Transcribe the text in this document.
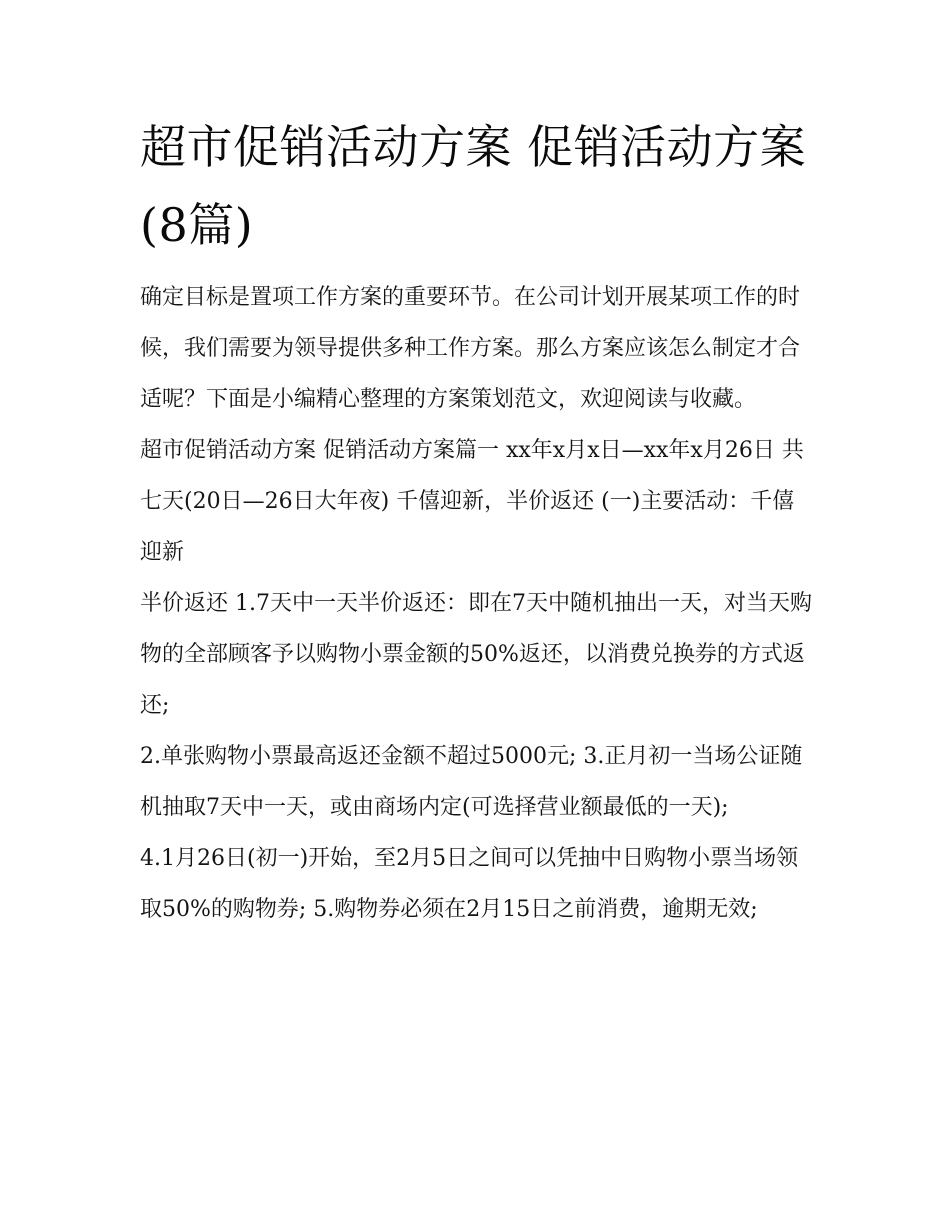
超市促销活动方案 促销活动方案(8篇)

确定目标是置项工作方案的重要环节。在公司计划开展某项工作的时候，我们需要为领导提供多种工作方案。那么方案应该怎么制定才合适呢？下面是小编精心整理的方案策划范文，欢迎阅读与收藏。

超市促销活动方案 促销活动方案篇一 xx年x月x日—xx年x月26日 共七天(20日—26日大年夜) 千僖迎新，半价返还 (一)主要活动：千僖迎新

半价返还 1.7天中一天半价返还：即在7天中随机抽出一天，对当天购物的全部顾客予以购物小票金额的50%返还，以消费兑换券的方式返还;

2.单张购物小票最高返还金额不超过5000元; 3.正月初一当场公证随机抽取7天中一天，或由商场内定(可选择营业额最低的一天);

4.1月26日(初一)开始，至2月5日之间可以凭抽中日购物小票当场领取50%的购物券; 5.购物券必须在2月15日之前消费，逾期无效;
